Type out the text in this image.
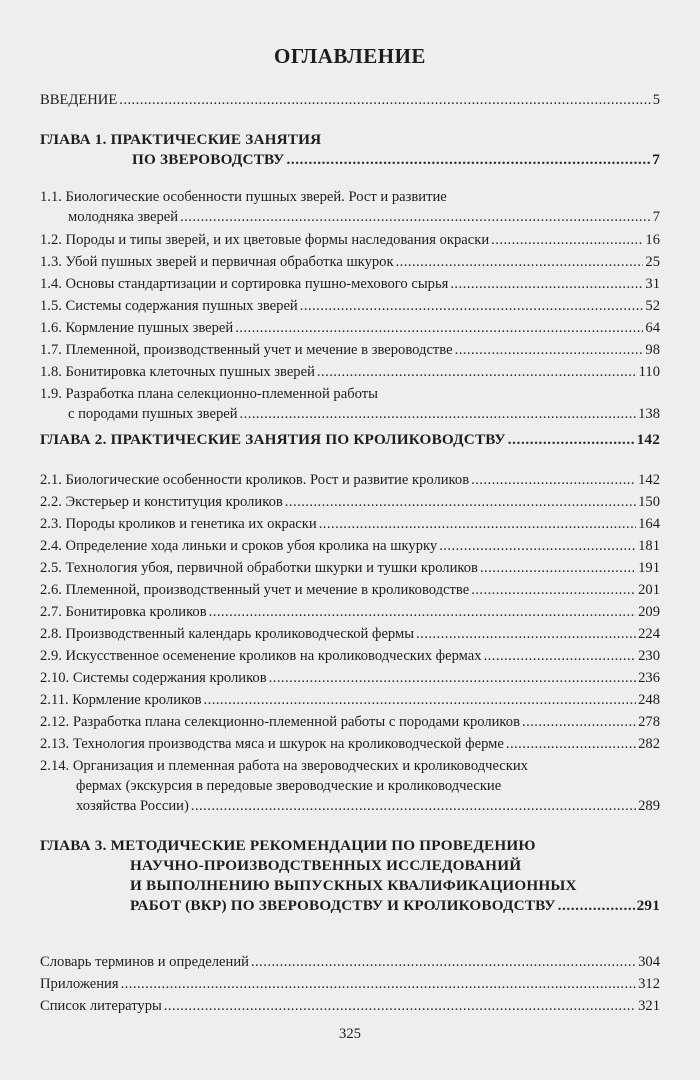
ОГЛАВЛЕНИЕ
ВВЕДЕНИЕ . . .	5
ГЛАВА 1. ПРАКТИЧЕСКИЕ ЗАНЯТИЯ
ПО ЗВЕРОВОДСТВУ . . .	7
1.1. Биологические особенности пушных зверей. Рост и развитие
молодняка зверей . . .	7
1.2. Породы и типы зверей, и их цветовые формы наследования окраски . . .	16
1.3. Убой пушных зверей и первичная обработка шкурок . . .	25
1.4. Основы стандартизации и сортировка пушно-мехового сырья . . .	31
1.5. Системы содержания пушных зверей . . .	52
1.6. Кормление пушных зверей . . .	64
1.7. Племенной, производственный учет и мечение в звероводстве . . .	98
1.8. Бонитировка клеточных пушных зверей . . .	110
1.9. Разработка плана селекционно-племенной работы
с породами пушных зверей . . .	138
ГЛАВА 2. ПРАКТИЧЕСКИЕ ЗАНЯТИЯ ПО КРОЛИКОВОДСТВУ . . .	142
2.1. Биологические особенности кроликов. Рост и развитие кроликов . . .	142
2.2. Экстерьер и конституция кроликов . . .	150
2.3. Породы кроликов и генетика их окраски . . .	164
2.4. Определение хода линьки и сроков убоя кролика на шкурку . . .	181
2.5. Технология убоя, первичной обработки шкурки и тушки кроликов . . .	191
2.6. Племенной, производственный учет и мечение в кролиководстве . . .	201
2.7. Бонитировка кроликов . . .	209
2.8. Производственный календарь кролиководческой фермы . . .	224
2.9. Искусственное осеменение кроликов на кролиководческих фермах . . .	230
2.10. Системы содержания кроликов . . .	236
2.11. Кормление кроликов . . .	248
2.12. Разработка плана селекционно-племенной работы с породами кроликов . . .	278
2.13. Технология производства мяса и шкурок на кролиководческой ферме . . .	282
2.14. Организация и племенная работа на звероводческих и кролиководческих
фермах (экскурсия в передовые звероводческие и кролиководческие
хозяйства России) . . .	289
ГЛАВА 3. МЕТОДИЧЕСКИЕ РЕКОМЕНДАЦИИ ПО ПРОВЕДЕНИЮ
НАУЧНО-ПРОИЗВОДСТВЕННЫХ ИССЛЕДОВАНИЙ
И ВЫПОЛНЕНИЮ ВЫПУСКНЫХ КВАЛИФИКАЦИОННЫХ
РАБОТ (ВКР) ПО ЗВЕРОВОДСТВУ И КРОЛИКОВОДСТВУ . . .	291
Словарь терминов и определений . . .	304
Приложения . . .	312
Список литературы . . .	321
325
